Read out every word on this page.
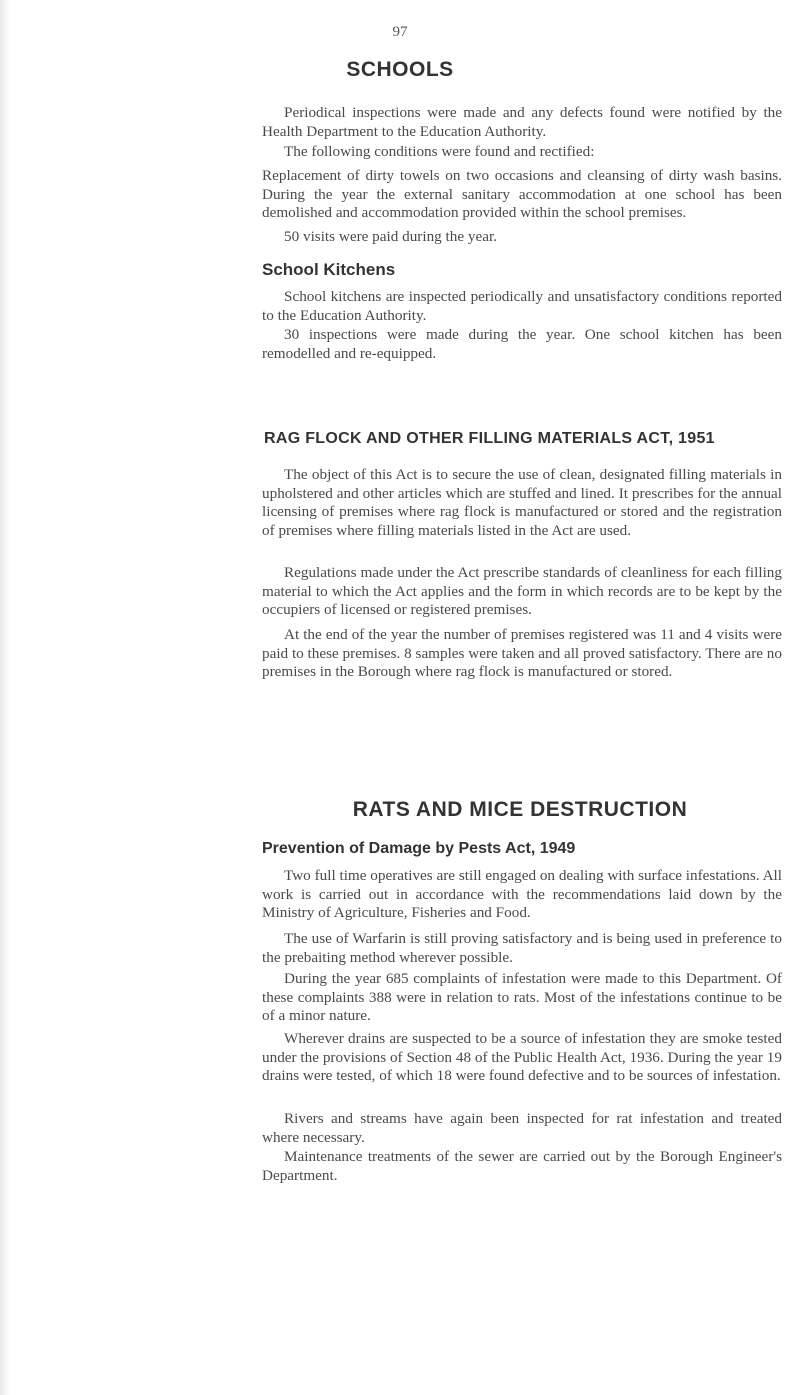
97
SCHOOLS

Periodical inspections were made and any defects found were notified by the Health Department to the Education Authority.

The following conditions were found and rectified:

Replacement of dirty towels on two occasions and cleansing of dirty wash basins. During the year the external sanitary accommodation at one school has been demolished and accommodation provided within the school premises.

50 visits were paid during the year.

School Kitchens

School kitchens are inspected periodically and unsatisfactory conditions reported to the Education Authority.

30 inspections were made during the year. One school kitchen has been remodelled and re-equipped.

RAG FLOCK AND OTHER FILLING MATERIALS ACT, 1951

The object of this Act is to secure the use of clean, designated filling materials in upholstered and other articles which are stuffed and lined. It prescribes for the annual licensing of premises where rag flock is manufactured or stored and the registration of premises where filling materials listed in the Act are used.

Regulations made under the Act prescribe standards of cleanliness for each filling material to which the Act applies and the form in which records are to be kept by the occupiers of licensed or registered premises.

At the end of the year the number of premises registered was 11 and 4 visits were paid to these premises. 8 samples were taken and all proved satisfactory. There are no premises in the Borough where rag flock is manufactured or stored.

RATS AND MICE DESTRUCTION
Prevention of Damage by Pests Act, 1949

Two full time operatives are still engaged on dealing with surface infestations. All work is carried out in accordance with the recommendations laid down by the Ministry of Agriculture, Fisheries and Food.

The use of Warfarin is still proving satisfactory and is being used in preference to the prebaiting method wherever possible.

During the year 685 complaints of infestation were made to this Department. Of these complaints 388 were in relation to rats. Most of the infestations continue to be of a minor nature.

Wherever drains are suspected to be a source of infestation they are smoke tested under the provisions of Section 48 of the Public Health Act, 1936. During the year 19 drains were tested, of which 18 were found defective and to be sources of infestation.

Rivers and streams have again been inspected for rat infestation and treated where necessary.

Maintenance treatments of the sewer are carried out by the Borough Engineer's Department.
